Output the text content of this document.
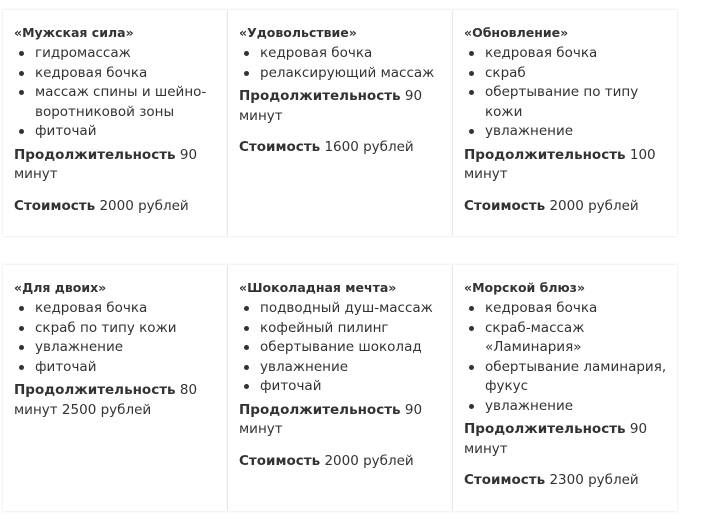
«Мужская сила»
гидромассаж
кедровая бочка
массаж спины и шейно-воротниковой зоны
фиточай

Продолжительность 90 минут

Стоимость 2000 рублей

«Удовольствие»
кедровая бочка
релаксирующий массаж

Продолжительность 90 минут

Стоимость 1600 рублей

«Обновление»
кедровая бочка
скраб
обертывание по типу кожи
увлажнение

Продолжительность 100 минут

Стоимость 2000 рублей

«Для двоих»
кедровая бочка
скраб по типу кожи
увлажнение
фиточай

Продолжительность 80 минут 2500 рублей

«Шоколадная мечта»
подводный душ-массаж
кофейный пилинг
обертывание шоколад
увлажнение
фиточай

Продолжительность 90 минут

Стоимость 2000 рублей

«Морской блюз»
кедровая бочка
скраб-массаж «Ламинария»
обертывание ламинария, фукус
увлажнение

Продолжительность 90 минут

Стоимость 2300 рублей
